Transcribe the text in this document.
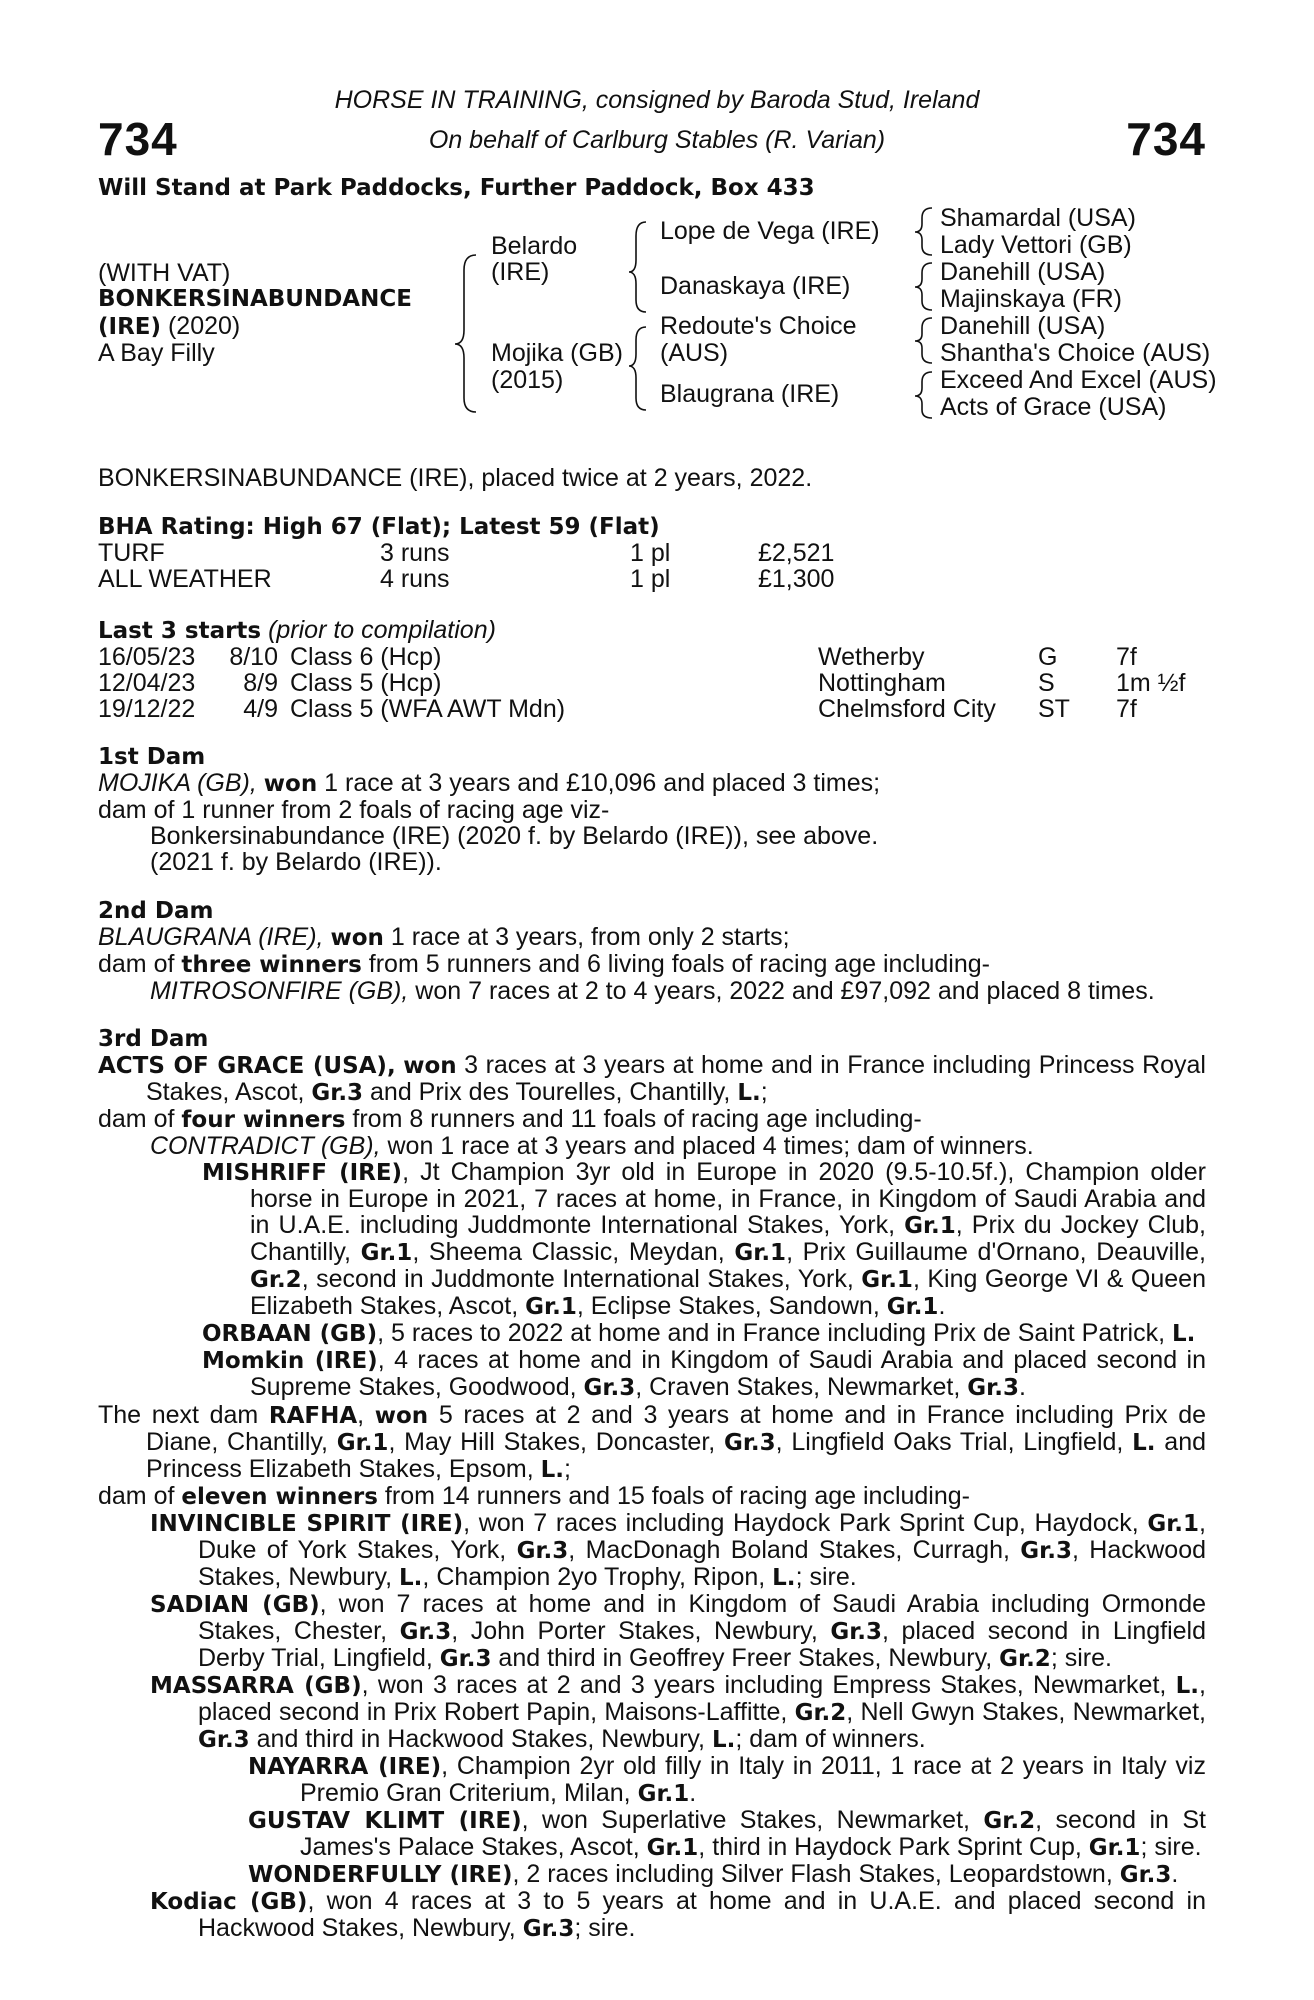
734	734
HORSE IN TRAINING, consigned by Baroda Stud, Ireland
On behalf of Carlburg Stables (R. Varian)
Will Stand at Park Paddocks, Further Paddock, Box 433
(WITH VAT)
BONKERSINABUNDANCE
(IRE) (2020)
A Bay Filly
Belardo
(IRE)
Mojika (GB)
(2015)
Lope de Vega (IRE)
Danaskaya (IRE)
Redoute's Choice
(AUS)
Blaugrana (IRE)
Shamardal (USA)
Lady Vettori (GB)
Danehill (USA)
Majinskaya (FR)
Danehill (USA)
Shantha's Choice (AUS)
Exceed And Excel (AUS)
Acts of Grace (USA)
BONKERSINABUNDANCE (IRE), placed twice at 2 years, 2022.
BHA Rating: High 67 (Flat); Latest 59 (Flat)
TURF	3 runs	1 pl	£2,521
ALL WEATHER	4 runs	1 pl	£1,300
Last 3 starts (prior to compilation)
16/05/23	8/10	Class 6 (Hcp)	Wetherby	G	7f
12/04/23	8/9	Class 5 (Hcp)	Nottingham	S	1m ½f
19/12/22	4/9	Class 5 (WFA AWT Mdn)	Chelmsford City	ST	7f
1st Dam

MOJIKA (GB), won 1 race at 3 years and £10,096 and placed 3 times;

dam of 1 runner from 2 foals of racing age viz-

Bonkersinabundance (IRE) (2020 f. by Belardo (IRE)), see above.

(2021 f. by Belardo (IRE)).

2nd Dam

BLAUGRANA (IRE), won 1 race at 3 years, from only 2 starts;

dam of three winners from 5 runners and 6 living foals of racing age including-

MITROSONFIRE (GB), won 7 races at 2 to 4 years, 2022 and £97,092 and placed 8 times.

3rd Dam

ACTS OF GRACE (USA), won 3 races at 3 years at home and in France including Princess Royal Stakes, Ascot, Gr.3 and Prix des Tourelles, Chantilly, L.;

dam of four winners from 8 runners and 11 foals of racing age including-

CONTRADICT (GB), won 1 race at 3 years and placed 4 times; dam of winners.

MISHRIFF (IRE), Jt Champion 3yr old in Europe in 2020 (9.5-10.5f.), Champion older horse in Europe in 2021, 7 races at home, in France, in Kingdom of Saudi Arabia and in U.A.E. including Juddmonte International Stakes, York, Gr.1, Prix du Jockey Club, Chantilly, Gr.1, Sheema Classic, Meydan, Gr.1, Prix Guillaume d'Ornano, Deauville, Gr.2, second in Juddmonte International Stakes, York, Gr.1, King George VI & Queen Elizabeth Stakes, Ascot, Gr.1, Eclipse Stakes, Sandown, Gr.1.

ORBAAN (GB), 5 races to 2022 at home and in France including Prix de Saint Patrick, L.

Momkin (IRE), 4 races at home and in Kingdom of Saudi Arabia and placed second in Supreme Stakes, Goodwood, Gr.3, Craven Stakes, Newmarket, Gr.3.

The next dam RAFHA, won 5 races at 2 and 3 years at home and in France including Prix de Diane, Chantilly, Gr.1, May Hill Stakes, Doncaster, Gr.3, Lingfield Oaks Trial, Lingfield, L. and Princess Elizabeth Stakes, Epsom, L.;

dam of eleven winners from 14 runners and 15 foals of racing age including-

INVINCIBLE SPIRIT (IRE), won 7 races including Haydock Park Sprint Cup, Haydock, Gr.1, Duke of York Stakes, York, Gr.3, MacDonagh Boland Stakes, Curragh, Gr.3, Hackwood Stakes, Newbury, L., Champion 2yo Trophy, Ripon, L.; sire.

SADIAN (GB), won 7 races at home and in Kingdom of Saudi Arabia including Ormonde Stakes, Chester, Gr.3, John Porter Stakes, Newbury, Gr.3, placed second in Lingfield Derby Trial, Lingfield, Gr.3 and third in Geoffrey Freer Stakes, Newbury, Gr.2; sire.

MASSARRA (GB), won 3 races at 2 and 3 years including Empress Stakes, Newmarket, L., placed second in Prix Robert Papin, Maisons-Laffitte, Gr.2, Nell Gwyn Stakes, Newmarket, Gr.3 and third in Hackwood Stakes, Newbury, L.; dam of winners.

NAYARRA (IRE), Champion 2yr old filly in Italy in 2011, 1 race at 2 years in Italy viz Premio Gran Criterium, Milan, Gr.1.

GUSTAV KLIMT (IRE), won Superlative Stakes, Newmarket, Gr.2, second in St James's Palace Stakes, Ascot, Gr.1, third in Haydock Park Sprint Cup, Gr.1; sire.

WONDERFULLY (IRE), 2 races including Silver Flash Stakes, Leopardstown, Gr.3.

Kodiac (GB), won 4 races at 3 to 5 years at home and in U.A.E. and placed second in Hackwood Stakes, Newbury, Gr.3; sire.
